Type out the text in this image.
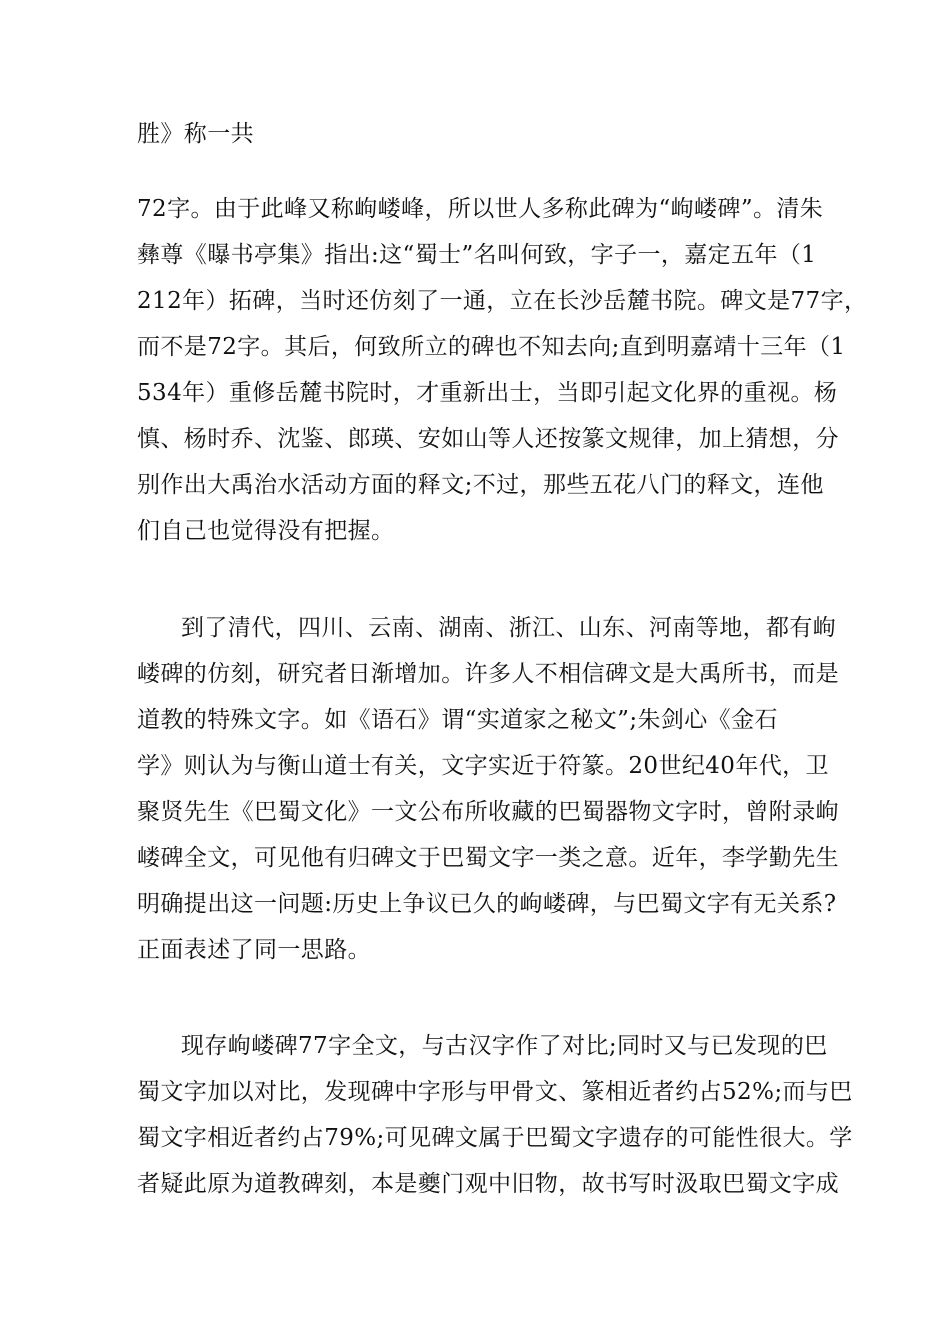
胜》称一共
72字。由于此峰又称岣嵝峰，所以世人多称此碑为“岣嵝碑”。清朱
彝尊《曝书亭集》指出:这“蜀士”名叫何致，字子一，嘉定五年（1
212年）拓碑，当时还仿刻了一通，立在长沙岳麓书院。碑文是77字，
而不是72字。其后，何致所立的碑也不知去向;直到明嘉靖十三年（1
534年）重修岳麓书院时，才重新出士，当即引起文化界的重视。杨
慎、杨时乔、沈鉴、郎瑛、安如山等人还按篆文规律，加上猜想，分
别作出大禹治水活动方面的释文;不过，那些五花八门的释文，连他
们自己也觉得没有把握。
到了清代，四川、云南、湖南、浙江、山东、河南等地，都有岣
嵝碑的仿刻，研究者日渐增加。许多人不相信碑文是大禹所书，而是
道教的特殊文字。如《语石》谓“实道家之秘文”;朱剑心《金石
学》则认为与衡山道士有关，文字实近于符篆。20世纪40年代，卫
聚贤先生《巴蜀文化》一文公布所收藏的巴蜀器物文字时，曾附录岣
嵝碑全文，可见他有归碑文于巴蜀文字一类之意。近年，李学勤先生
明确提出这一问题:历史上争议已久的岣嵝碑，与巴蜀文字有无关系?
正面表述了同一思路。
现存岣嵝碑77字全文，与古汉字作了对比;同时又与已发现的巴
蜀文字加以对比，发现碑中字形与甲骨文、篆相近者约占52%;而与巴
蜀文字相近者约占79%;可见碑文属于巴蜀文字遗存的可能性很大。学
者疑此原为道教碑刻，本是夔门观中旧物，故书写时汲取巴蜀文字成
